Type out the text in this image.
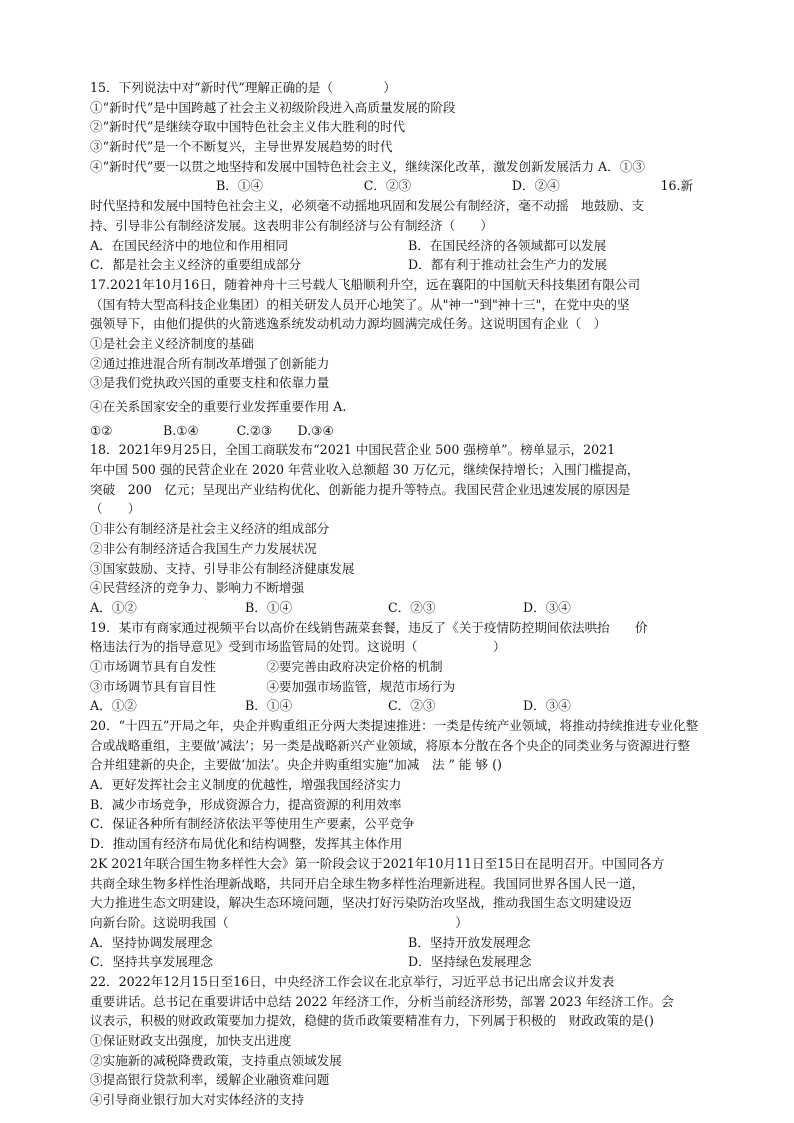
15．下列说法中对“新时代”理解正确的是（　　　　）
①“新时代”是中国跨越了社会主义初级阶段进入高质量发展的阶段
②“新时代”是继续夺取中国特色社会主义伟大胜利的时代
③“新时代”是一个不断复兴，主导世界发展趋势的时代
④“新时代”要一以贯之地坚持和发展中国特色社会主义，继续深化改革，激发创新发展活力 A．①③
　　　　　　　　　　B．①④　　　　　　　　C．②③　　　　　　　　D．②④　　　　　　　　16.新
时代坚持和发展中国特色社会主义，必须毫不动摇地巩固和发展公有制经济，毫不动摇　地鼓励、支
持、引导非公有制经济发展。这表明非公有制经济与公有制经济（　　）
A．在国民经济中的地位和作用相同	B．在国民经济的各领域都可以发展
C．都是社会主义经济的重要组成部分	D．都有利于推动社会生产力的发展
17.2021年10月16日，随着神舟十三号载人飞船顺利升空，远在襄阳的中国航天科技集团有限公司
（国有特大型高科技企业集团）的相关研发人员开心地笑了。从"神一"到"神十三"，在党中央的坚
强领导下，由他们提供的火箭逃逸系统发动机动力源均圆满完成任务。这说明国有企业（　）
①是社会主义经济制度的基础
②通过推进混合所有制改革增强了创新能力
③是我们党执政兴国的重要支柱和依靠力量
④在关系国家安全的重要行业发挥重要作用 A.
①②　　　　B.①④　　　C.②③　　D.③④
18．2021年9月25日，全国工商联发布“2021 中国民营企业 500 强榜单”。榜单显示，2021
年中国 500 强的民营企业在 2020 年营业收入总额超 30 万亿元，继续保持增长；入围门槛提高，
突破　200　亿元；呈现出产业结构优化、创新能力提升等特点。我国民营企业迅速发展的原因是
（　　）
①非公有制经济是社会主义经济的组成部分
②非公有制经济适合我国生产力发展状况
③国家鼓励、支持、引导非公有制经济健康发展
④民营经济的竞争力、影响力不断增强
A．①②	B．①④	C．②③	D．③④
19．某市有商家通过视频平台以高价在线销售蔬菜套餐，违反了《关于疫情防控期间依法哄抬　　价
格违法行为的指导意见》受到市场监管局的处罚。这说明（　　　　　　）
①市场调节具有自发性　　　　②要完善由政府决定价格的机制
③市场调节具有盲目性　　　　④要加强市场监管，规范市场行为
A．①②	B．①④	C．②③	D．③④
20．“十四五”开局之年，央企并购重组正分两大类提速推进：一类是传统产业领域，将推动持续推进专业化整
合或战略重组，主要做‘减法’；另一类是战略新兴产业领域，将原本分散在各个央企的同类业务与资源进行整
合并组建新的央企，主要做‘加法’。央企并购重组实施“加减　法 ” 能 够 ()
A．更好发挥社会主义制度的优越性，增强我国经济实力
B．减少市场竞争，形成资源合力，提高资源的利用效率
C．保证各种所有制经济依法平等使用生产要素，公平竞争
D．推动国有经济布局优化和结构调整，发挥其主体作用
2K 2021年联合国生物多样性大会》第一阶段会议于2021年10月11日至15日在昆明召开。中国同各方
共商全球生物多样性治理新战略，共同开启全球生物多样性治理新进程。我国同世界各国人民一道，
大力推进生态文明建设，解决生态环境问题，坚决打好污染防治攻坚战，推动我国生态文明建设迈
向新台阶。这说明我国（　　　　　　　　　　　　　　　　　　）
A．坚持协调发展理念	B．坚持开放发展理念
C．坚持共享发展理念	D．坚持绿色发展理念
22．2022年12月15日至16日，中央经济工作会议在北京举行，习近平总书记出席会议并发表
重要讲话。总书记在重要讲话中总结 2022 年经济工作，分析当前经济形势，部署 2023 年经济工作。会
议表示，积极的财政政策要加力提效，稳健的货币政策要精准有力，下列属于积极的　财政政策的是()
①保证财政支出强度，加快支出进度
②实施新的减税降费政策，支持重点领域发展
③提高银行贷款利率，缓解企业融资难问题
④引导商业银行加大对实体经济的支持
